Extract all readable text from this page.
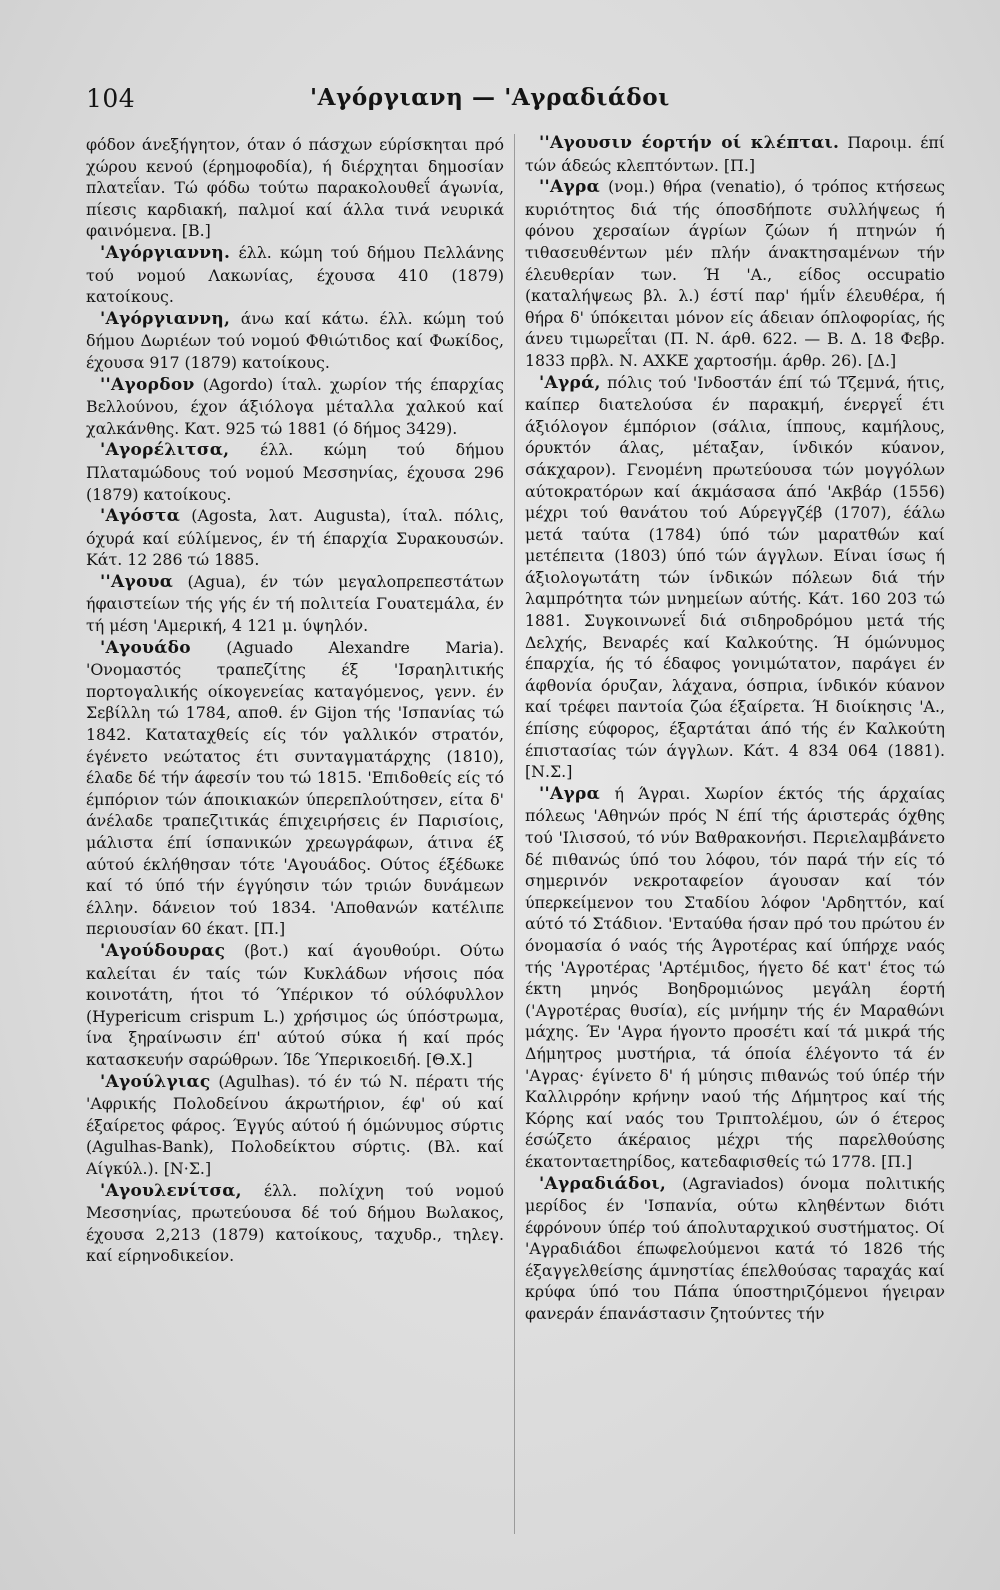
104	'Αγόργιανη — 'Αγραδιάδοι

φόδον άνεξήγητον, όταν ό πάσχων εύρίσκηται πρό χώρου κενού (έρημοφοδία), ή διέρχηται δημοσίαν πλατεΐαν. Τώ φόδω τούτω παρακολουθεΐ άγωνία, πίεσις καρδιακή, παλμοί καί άλλα τινά νευρικά φαινόμενα. [Β.]

'Αγόργιαννη. έλλ. κώμη τού δήμου Πελλάνης τού νομού Λακωνίας, έχουσα 410 (1879) κατοίκους.

'Αγόργιαννη, άνω καί κάτω. έλλ. κώμη τού δήμου Δωριέων τού νομού Φθιώτιδος καί Φωκίδος, έχουσα 917 (1879) κατοίκους.

''Αγορδον (Agordo) ίταλ. χωρίον τής έπαρχίας Βελλούνου, έχον άξιόλογα μέταλλα χαλκού καί χαλκάνθης. Κατ. 925 τώ 1881 (ό δήμος 3429).

'Αγορέλιτσα, έλλ. κώμη τού δήμου Πλαταμώδους τού νομού Μεσσηνίας, έχουσα 296 (1879) κατοίκους.

'Αγόστα (Agosta, λατ. Augusta), ίταλ. πόλις, όχυρά καί εύλίμενος, έν τή έπαρχία Συρακουσών. Κάτ. 12 286 τώ 1885.

''Αγουα (Agua), έν τών μεγαλοπρεπεστάτων ήφαιστείων τής γής έν τή πολιτεία Γουατεμάλα, έν τή μέση 'Αμερική, 4 121 μ. ύψηλόν.

'Αγουάδο (Aguado Alexandre Maria). 'Ονομαστός τραπεζίτης έξ 'Ισραηλιτικής πορτογαλικής οίκογενείας καταγόμενος, γενν. έν Σεβίλλη τώ 1784, αποθ. έν Gijon τής 'Ισπανίας τώ 1842. Καταταχθείς είς τόν γαλλικόν στρατόν, έγένετο νεώτατος έτι συνταγματάρχης (1810), έλαδε δέ τήν άφεσίν του τώ 1815. 'Επιδοθείς είς τό έμπόριον τών άποικιακών ύπερεπλούτησεν, είτα δ' άνέλαδε τραπεζιτικάς έπιχειρήσεις έν Παρισίοις, μάλιστα έπί ίσπανικών χρεωγράφων, άτινα έξ αύτού έκλήθησαν τότε 'Αγουάδος. Ούτος έξέδωκε καί τό ύπό τήν έγγύησιν τών τριών δυνάμεων έλλην. δάνειον τού 1834. 'Αποθανών κατέλιπε περιουσίαν 60 έκατ. [Π.]

'Αγούδουρας (βοτ.) καί άγουθούρι. Ούτω καλείται έν ταίς τών Κυκλάδων νήσοις πόα κοινοτάτη, ήτοι τό Ύπέρικον τό ούλόφυλλον (Hypericum crispum L.) χρήσιμος ώς ύπόστρωμα, ίνα ξηραίνωσιν έπ' αύτού σύκα ή καί πρός κατασκευήν σαρώθρων. Ίδε Ύπερικοειδή. [Θ.Χ.]

'Αγούλγιας (Agulhas). τό έν τώ Ν. πέρατι τής 'Αφρικής Πολοδείνου άκρωτήριον, έφ' ού καί έξαίρετος φάρος. Έγγύς αύτού ή όμώνυμος σύρτις (Agulhas-Bank), Πολοδείκτου σύρτις. (Βλ. καί Αίγκύλ.). [Ν·Σ.]

'Αγουλενίτσα, έλλ. πολίχνη τού νομού Μεσσηνίας, πρωτεύουσα δέ τού δήμου Βωλακος, έχουσα 2,213 (1879) κατοίκους, ταχυδρ., τηλεγ. καί είρηνοδικείον.

''Αγουσιν έορτήν οί κλέπται. Παροιμ. έπί τών άδεώς κλεπτόντων. [Π.]

''Αγρα (νομ.) θήρα (venatio), ό τρόπος κτήσεως κυριότητος διά τής όποσδήποτε συλλήψεως ή φόνου χερσαίων άγρίων ζώων ή πτηνών ή τιθασευθέντων μέν πλήν άνακτησαμένων τήν έλευθερίαν των. Ή 'Α., είδος occupatio (καταλήψεως βλ. λ.) έστί παρ' ήμΐν έλευθέρα, ή θήρα δ' ύπόκειται μόνον είς άδειαν όπλοφορίας, ής άνευ τιμωρεΐται (Π. Ν. άρθ. 622. — Β. Δ. 18 Φεβρ. 1833 πρβλ. Ν. ΑΧΚΕ χαρτοσήμ. άρθρ. 26). [Δ.]

'Αγρά, πόλις τού 'Ινδοστάν έπί τώ Τζεμνά, ήτις, καίπερ διατελούσα έν παρακμή, ένεργεΐ έτι άξιόλογον έμπόριον (σάλια, ίππους, καμήλους, όρυκτόν άλας, μέταξαν, ίνδικόν κύανον, σάκχαρον). Γενομένη πρωτεύουσα τών μογγόλων αύτοκρατόρων καί άκμάσασα άπό 'Ακβάρ (1556) μέχρι τού θανάτου τού Αύρεγγζέβ (1707), έάλω μετά ταύτα (1784) ύπό τών μαρατθών καί μετέπειτα (1803) ύπό τών άγγλων. Είναι ίσως ή άξιολογωτάτη τών ίνδικών πόλεων διά τήν λαμπρότητα τών μνημείων αύτής. Κάτ. 160 203 τώ 1881. Συγκοινωνεΐ διά σιδηροδρόμου μετά τής Δελχής, Βεναρές καί Καλκούτης. Ή όμώνυμος έπαρχία, ής τό έδαφος γονιμώτατον, παράγει έν άφθονία όρυζαν, λάχανα, όσπρια, ίνδικόν κύανον καί τρέφει παντοία ζώα έξαίρετα. Ή διοίκησις 'Α., έπίσης εύφορος, έξαρτάται άπό τής έν Καλκούτη έπιστασίας τών άγγλων. Κάτ. 4 834 064 (1881). [Ν.Σ.]

''Αγρα ή Άγραι. Χωρίον έκτός τής άρχαίας πόλεως 'Αθηνών πρός Ν έπί τής άριστεράς όχθης τού 'Ιλισσού, τό νύν Βαθρακονήσι. Περιελαμβάνετο δέ πιθανώς ύπό του λόφου, τόν παρά τήν είς τό σημερινόν νεκροταφείον άγουσαν καί τόν ύπερκείμενον του Σταδίου λόφον 'Αρδηττόν, καί αύτό τό Στάδιον. 'Ενταύθα ήσαν πρό του πρώτου έν όνομασία ό ναός τής Άγροτέρας καί ύπήρχε ναός τής 'Αγροτέρας 'Αρτέμιδος, ήγετο δέ κατ' έτος τώ έκτη μηνός Βοηδρομιώνος μεγάλη έορτή ('Αγροτέρας θυσία), είς μνήμην τής έν Μαραθώνι μάχης. Έν 'Αγρα ήγοντο προσέτι καί τά μικρά τής Δήμητρος μυστήρια, τά όποία έλέγοντο τά έν 'Αγρας· έγίνετο δ' ή μύησις πιθανώς τού ύπέρ τήν Καλλιρρόην κρήνην ναού τής Δήμητρος καί τής Κόρης καί ναός του Τριπτολέμου, ών ό έτερος έσώζετο άκέραιος μέχρι τής παρελθούσης έκατονταετηρίδος, κατεδαφισθείς τώ 1778. [Π.]

'Αγραδιάδοι, (Agraviados) όνομα πολιτικής μερίδος έν 'Ισπανία, ούτω κληθέντων διότι έφρόνουν ύπέρ τού άπολυταρχικού συστήματος. Οί 'Αγραδιάδοι έπωφελούμενοι κατά τό 1826 τής έξαγγελθείσης άμνηστίας έπελθούσας ταραχάς καί κρύφα ύπό του Πάπα ύποστηριζόμενοι ήγειραν φανεράν έπανάστασιν ζητούντες τήν
